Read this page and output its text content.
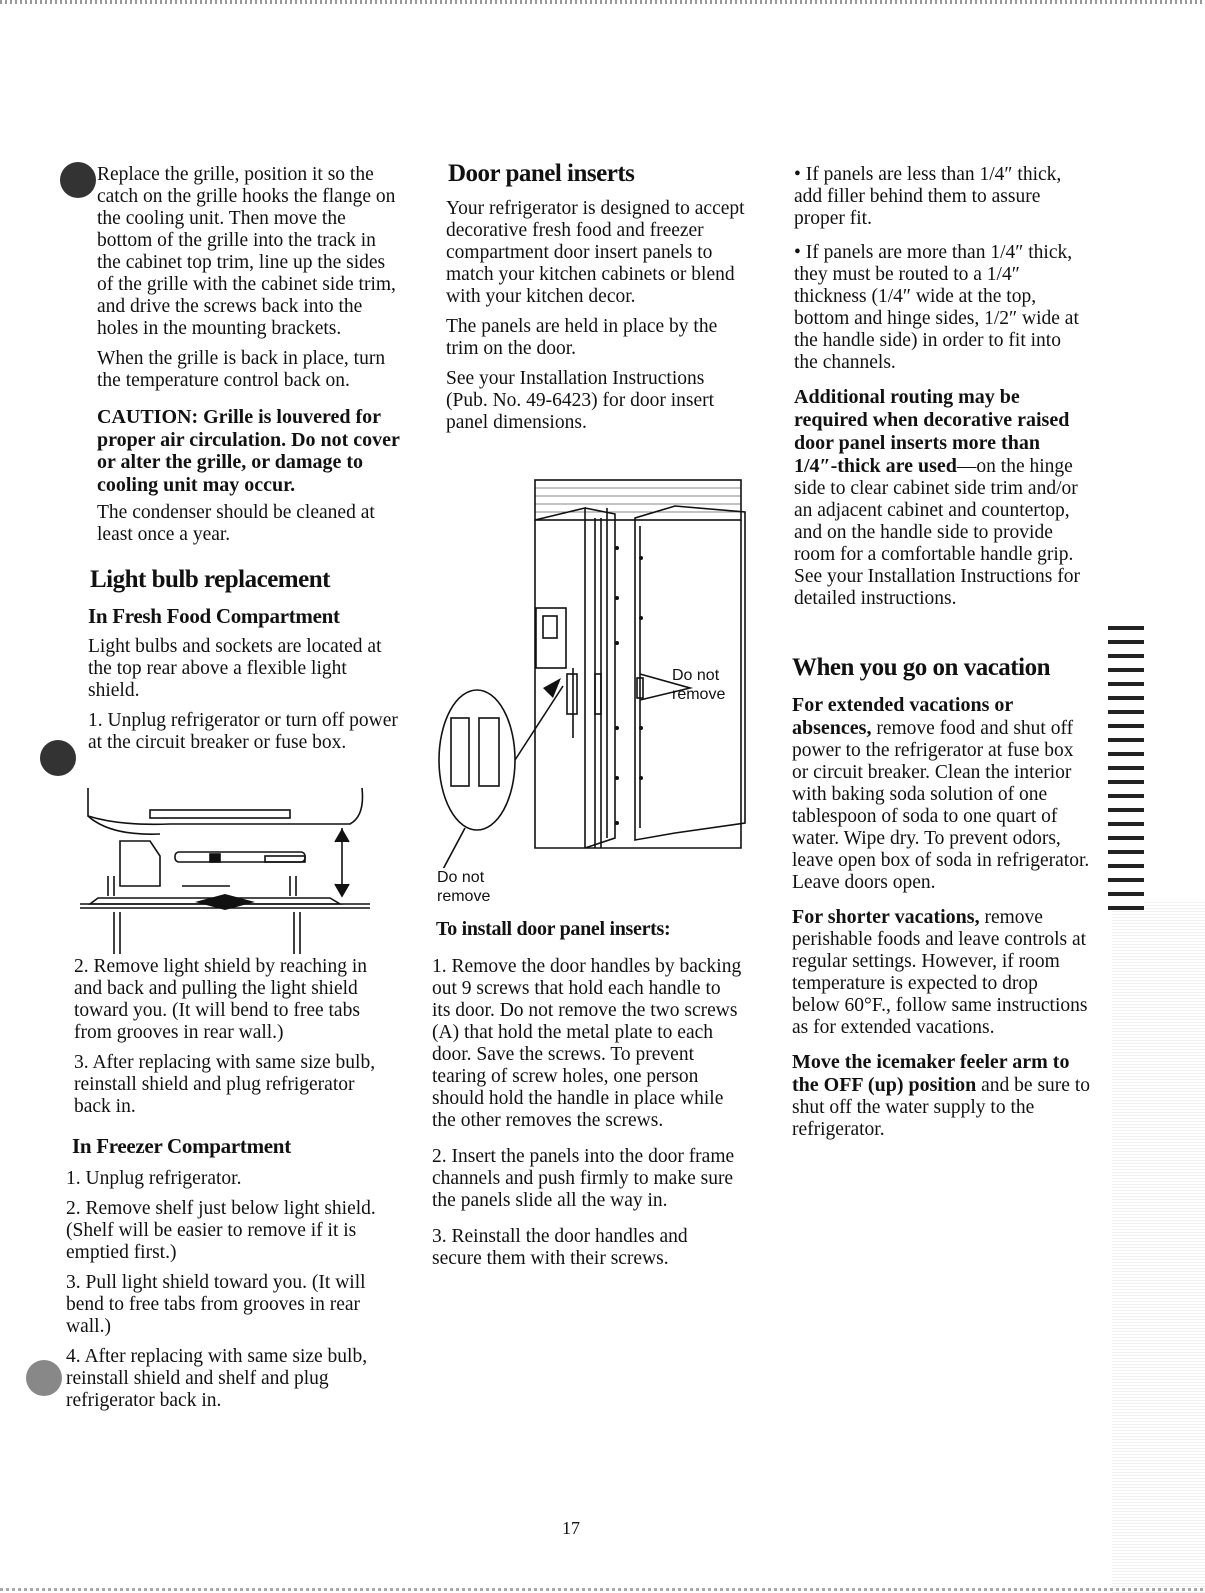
Replace the grille, position it so the catch on the grille hooks the flange on the cooling unit. Then move the bottom of the grille into the track in the cabinet top trim, line up the sides of the grille with the cabinet side trim, and drive the screws back into the holes in the mounting brackets.

When the grille is back in place, turn the temperature control back on.

CAUTION: Grille is louvered for proper air circulation. Do not cover or alter the grille, or damage to cooling unit may occur.

The condenser should be cleaned at least once a year.

Light bulb replacement
In Fresh Food Compartment

Light bulbs and sockets are located at the top rear above a flexible light shield.

1. Unplug refrigerator or turn off power at the circuit breaker or fuse box.

2. Remove light shield by reaching in and back and pulling the light shield toward you. (It will bend to free tabs from grooves in rear wall.)

3. After replacing with same size bulb, reinstall shield and plug refrigerator back in.

In Freezer Compartment

1. Unplug refrigerator.

2. Remove shelf just below light shield. (Shelf will be easier to remove if it is emptied first.)

3. Pull light shield toward you. (It will bend to free tabs from grooves in rear wall.)

4. After replacing with same size bulb, reinstall shield and shelf and plug refrigerator back in.

Door panel inserts

Your refrigerator is designed to accept decorative fresh food and freezer compartment door insert panels to match your kitchen cabinets or blend with your kitchen decor.

The panels are held in place by the trim on the door.

See your Installation Instructions (Pub. No. 49-6423) for door insert panel dimensions.

Do not
remove
Do not
remove
To install door panel inserts:

1. Remove the door handles by backing out 9 screws that hold each handle to its door. Do not remove the two screws (A) that hold the metal plate to each door. Save the screws. To prevent tearing of screw holes, one person should hold the handle in place while the other removes the screws.

2. Insert the panels into the door frame channels and push firmly to make sure the panels slide all the way in.

3. Reinstall the door handles and secure them with their screws.

• If panels are less than 1/4″ thick, add filler behind them to assure proper fit.

• If panels are more than 1/4″ thick, they must be routed to a 1/4″ thickness (1/4″ wide at the top, bottom and hinge sides, 1/2″ wide at the handle side) in order to fit into the channels.

Additional routing may be required when decorative raised door panel inserts more than 1/4″-thick are used—on the hinge side to clear cabinet side trim and/or an adjacent cabinet and countertop, and on the handle side to provide room for a comfortable handle grip. See your Installation Instructions for detailed instructions.

When you go on vacation

For extended vacations or absences, remove food and shut off power to the refrigerator at fuse box or circuit breaker. Clean the interior with baking soda solution of one tablespoon of soda to one quart of water. Wipe dry. To prevent odors, leave open box of soda in refrigerator. Leave doors open.

For shorter vacations, remove perishable foods and leave controls at regular settings. However, if room temperature is expected to drop below 60°F., follow same instructions as for extended vacations.

Move the icemaker feeler arm to the OFF (up) position and be sure to shut off the water supply to the refrigerator.

17
